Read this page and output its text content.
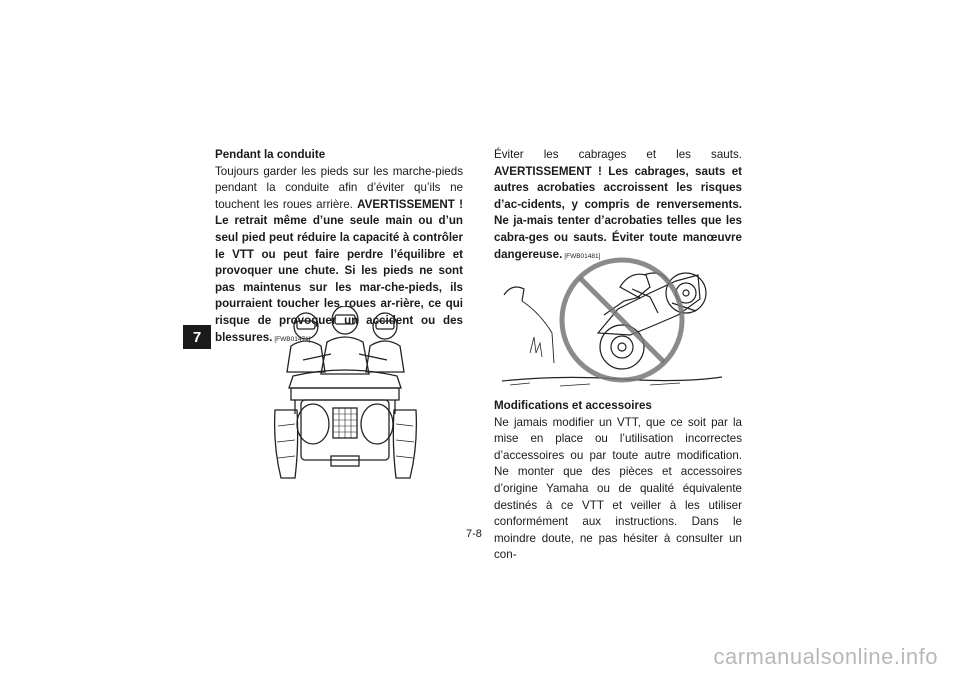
7
Pendant la conduite

Toujours garder les pieds sur les marche-pieds pendant la conduite afin d’éviter qu’ils ne touchent les roues arrière. AVERTISSEMENT ! Le retrait même d’une seule main ou d’un seul pied peut réduire la capacité à contrôler le VTT ou peut faire perdre l’équilibre et provoquer une chute. Si les pieds ne sont pas maintenus sur les mar-che-pieds, ils pourraient toucher les roues ar-rière, ce qui risque de provoquer un accident ou des blessures. [FWB01471]

Éviter les cabrages et les sauts. AVERTISSEMENT ! Les cabrages, sauts et autres acrobaties accroissent les risques d’ac-cidents, y compris de renversements. Ne ja-mais tenter d’acrobaties telles que les cabra-ges ou sauts. Éviter toute manœuvre dangereuse. [FWB01481]

Modifications et accessoires

Ne jamais modifier un VTT, que ce soit par la mise en place ou l’utilisation incorrectes d’accessoires ou par toute autre modification. Ne monter que des pièces et accessoires d’origine Yamaha ou de qualité équivalente destinés à ce VTT et veiller à les utiliser conformément aux instructions. Dans le moindre doute, ne pas hésiter à consulter un con-

7-8
carmanualsonline.info
